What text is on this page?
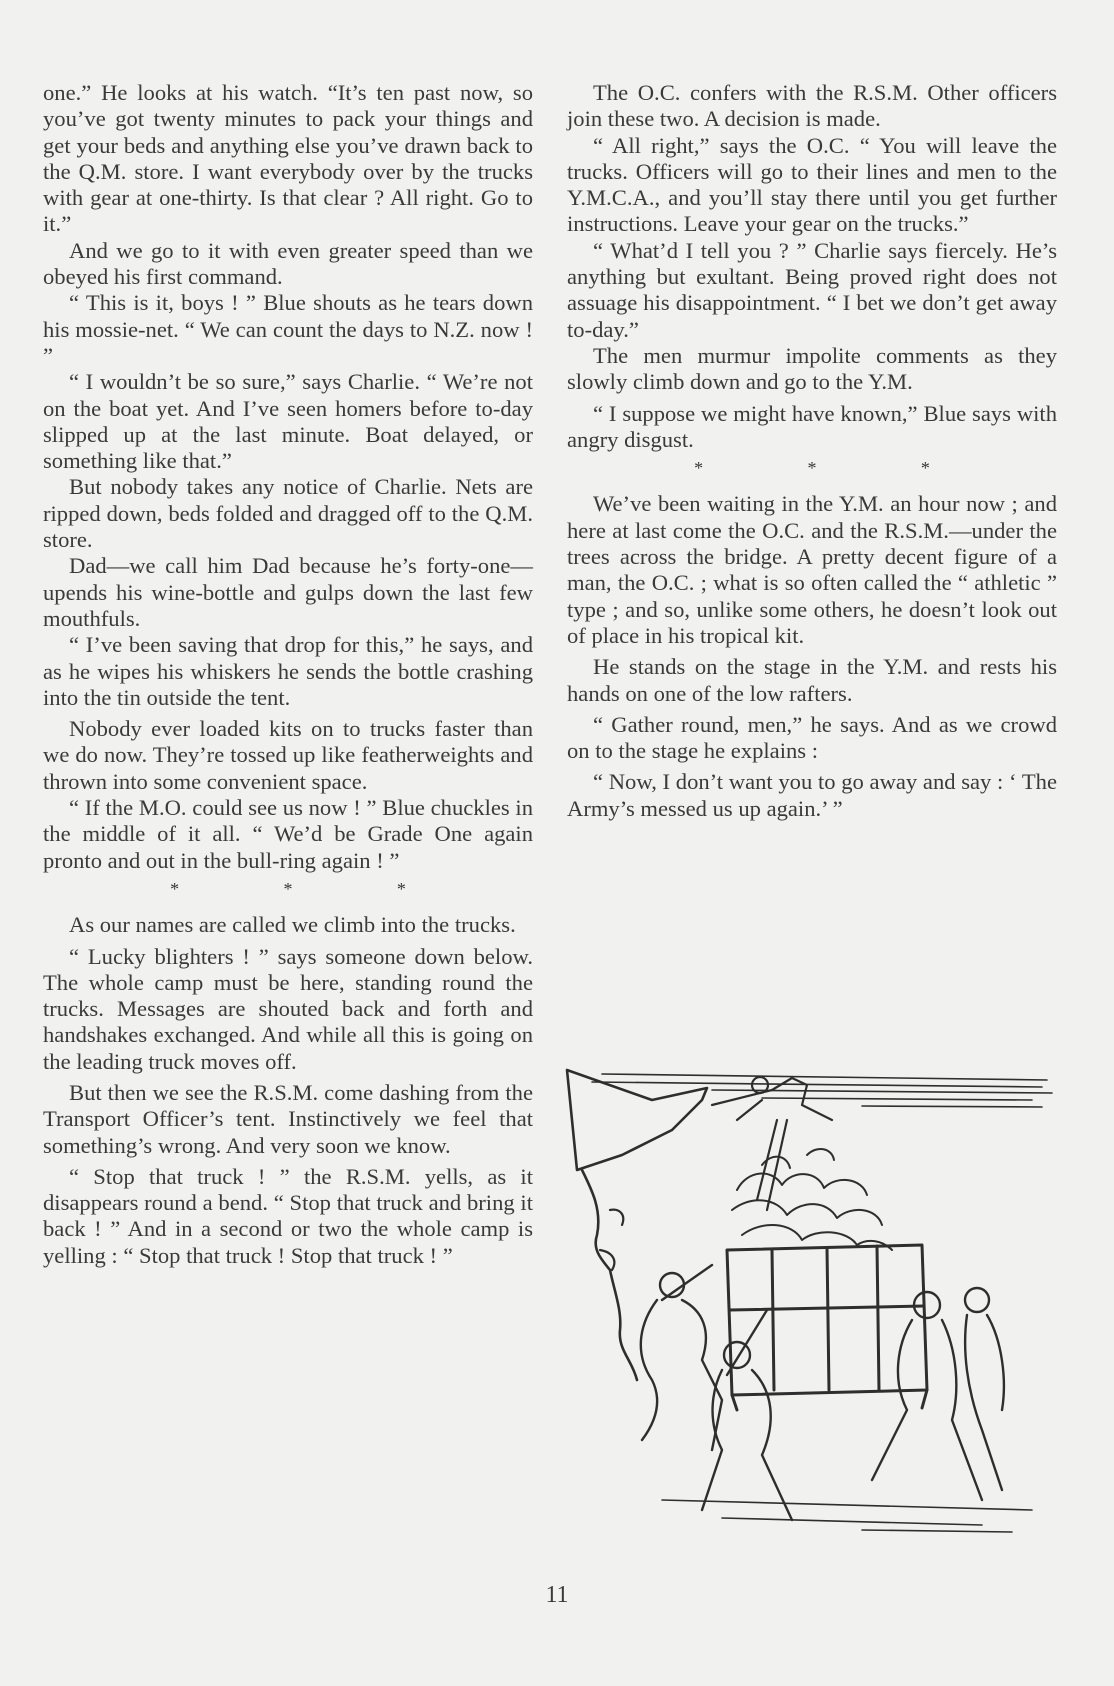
one.” He looks at his watch. “It’s ten past now, so you’ve got twenty minutes to pack your things and get your beds and anything else you’ve drawn back to the Q.M. store. I want everybody over by the trucks with gear at one-thirty. Is that clear ? All right. Go to it.”

And we go to it with even greater speed than we obeyed his first command.

“ This is it, boys ! ” Blue shouts as he tears down his mossie-net. “ We can count the days to N.Z. now ! ”

“ I wouldn’t be so sure,” says Charlie. “ We’re not on the boat yet. And I’ve seen homers before to-day slipped up at the last minute. Boat delayed, or something like that.”

But nobody takes any notice of Charlie. Nets are ripped down, beds folded and dragged off to the Q.M. store.

Dad—we call him Dad because he’s forty-one—upends his wine-bottle and gulps down the last few mouthfuls.

“ I’ve been saving that drop for this,” he says, and as he wipes his whiskers he sends the bottle crashing into the tin outside the tent.

Nobody ever loaded kits on to trucks faster than we do now. They’re tossed up like featherweights and thrown into some convenient space.

“ If the M.O. could see us now ! ” Blue chuckles in the middle of it all. “ We’d be Grade One again pronto and out in the bull-ring again ! ”

*	*	*

As our names are called we climb into the trucks.

“ Lucky blighters ! ” says someone down below. The whole camp must be here, standing round the trucks. Messages are shouted back and forth and handshakes exchanged. And while all this is going on the leading truck moves off.

But then we see the R.S.M. come dashing from the Transport Officer’s tent. Instinctively we feel that something’s wrong. And very soon we know.

“ Stop that truck ! ” the R.S.M. yells, as it disappears round a bend. “ Stop that truck and bring it back ! ” And in a second or two the whole camp is yelling : “ Stop that truck ! Stop that truck ! ”

The O.C. confers with the R.S.M. Other officers join these two. A decision is made.

“ All right,” says the O.C. “ You will leave the trucks. Officers will go to their lines and men to the Y.M.C.A., and you’ll stay there until you get further instructions. Leave your gear on the trucks.”

“ What’d I tell you ? ” Charlie says fiercely. He’s anything but exultant. Being proved right does not assuage his disappointment. “ I bet we don’t get away to-day.”

The men murmur impolite comments as they slowly climb down and go to the Y.M.

“ I suppose we might have known,” Blue says with angry disgust.

*	*	*

We’ve been waiting in the Y.M. an hour now ; and here at last come the O.C. and the R.S.M.—under the trees across the bridge. A pretty decent figure of a man, the O.C. ; what is so often called the “ athletic ” type ; and so, unlike some others, he doesn’t look out of place in his tropical kit.

He stands on the stage in the Y.M. and rests his hands on one of the low rafters.

“ Gather round, men,” he says. And as we crowd on to the stage he explains :

“ Now, I don’t want you to go away and say : ‘ The Army’s messed us up again.’ ”

11
